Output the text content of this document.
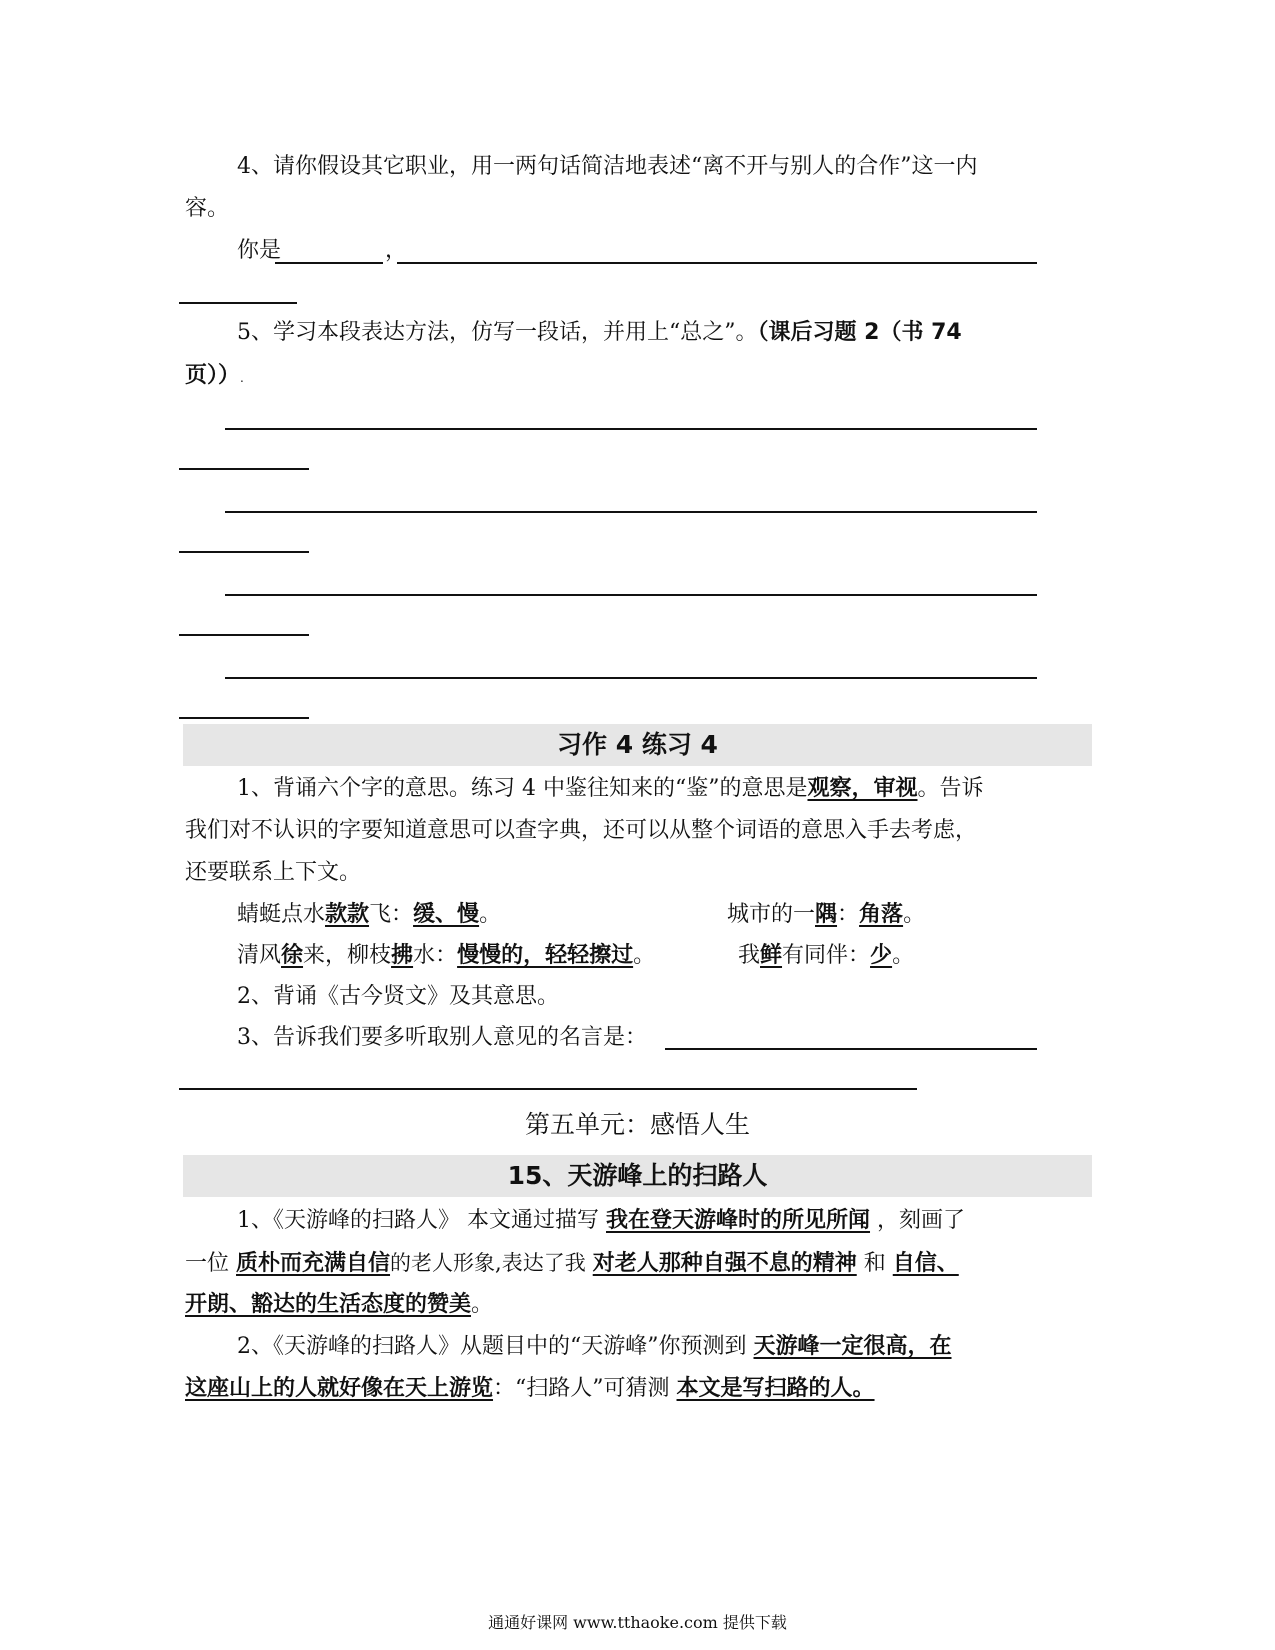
4、请你假设其它职业，用一两句话简洁地表述“离不开与别人的合作”这一内
容。
你是	，
5、学习本段表达方法，仿写一段话，并用上“总之”。（课后习题 2（书 74
页））.
习作 4 练习 4
1、背诵六个字的意思。练习 4 中鉴往知来的“鉴”的意思是观察，审视。告诉
我们对不认识的字要知道意思可以查字典，还可以从整个词语的意思入手去考虑，
还要联系上下文。
蜻蜓点水款款飞：缓、慢。	城市的一隅：角落。
清风徐来，柳枝拂水：慢慢的，轻轻擦过。	我鲜有同伴：少。
2、背诵《古今贤文》及其意思。
3、告诉我们要多听取别人意见的名言是：
第五单元：感悟人生
15、天游峰上的扫路人
1、《天游峰的扫路人》 本文通过描写 我在登天游峰时的所见所闻 ，刻画了
一位 质朴而充满自信的老人形象,表达了我 对老人那种自强不息的精神 和 自信、
开朗、豁达的生活态度的赞美。
2、《天游峰的扫路人》从题目中的“天游峰”你预测到 天游峰一定很高，在
这座山上的人就好像在天上游览：“扫路人”可猜测 本文是写扫路的人。
通通好课网 www.tthaoke.com 提供下载
